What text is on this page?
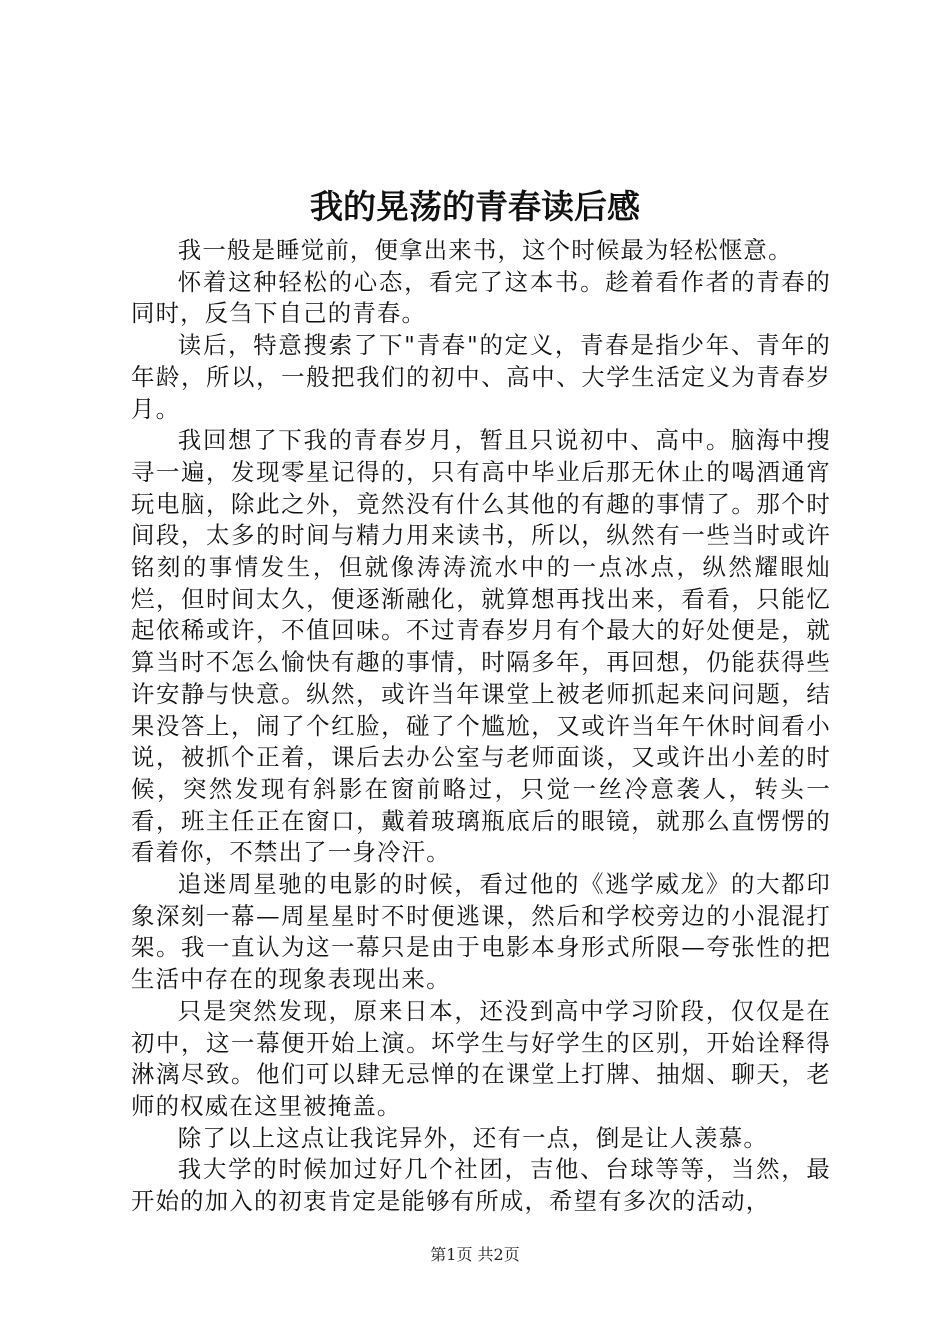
我的晃荡的青春读后感

我一般是睡觉前，便拿出来书，这个时候最为轻松惬意。

怀着这种轻松的心态，看完了这本书。趁着看作者的青春的同时，反刍下自己的青春。

读后，特意搜索了下"青春"的定义，青春是指少年、青年的年龄，所以，一般把我们的初中、高中、大学生活定义为青春岁月。

我回想了下我的青春岁月，暂且只说初中、高中。脑海中搜寻一遍，发现零星记得的，只有高中毕业后那无休止的喝酒通宵玩电脑，除此之外，竟然没有什么其他的有趣的事情了。那个时间段，太多的时间与精力用来读书，所以，纵然有一些当时或许铭刻的事情发生，但就像涛涛流水中的一点冰点，纵然耀眼灿烂，但时间太久，便逐渐融化，就算想再找出来，看看，只能忆起依稀或许，不值回味。不过青春岁月有个最大的好处便是，就算当时不怎么愉快有趣的事情，时隔多年，再回想，仍能获得些许安静与快意。纵然，或许当年课堂上被老师抓起来问问题，结果没答上，闹了个红脸，碰了个尴尬，又或许当年午休时间看小说，被抓个正着，课后去办公室与老师面谈，又或许出小差的时候，突然发现有斜影在窗前略过，只觉一丝冷意袭人，转头一看，班主任正在窗口，戴着玻璃瓶底后的眼镜，就那么直愣愣的看着你，不禁出了一身冷汗。

追迷周星驰的电影的时候，看过他的《逃学威龙》的大都印象深刻一幕—周星星时不时便逃课，然后和学校旁边的小混混打架。我一直认为这一幕只是由于电影本身形式所限—夸张性的把生活中存在的现象表现出来。

只是突然发现，原来日本，还没到高中学习阶段，仅仅是在初中，这一幕便开始上演。坏学生与好学生的区别，开始诠释得淋漓尽致。他们可以肆无忌惮的在课堂上打牌、抽烟、聊天，老师的权威在这里被掩盖。

除了以上这点让我诧异外，还有一点，倒是让人羡慕。

我大学的时候加过好几个社团，吉他、台球等等，当然，最开始的加入的初衷肯定是能够有所成，希望有多次的活动，

第1页 共2页
